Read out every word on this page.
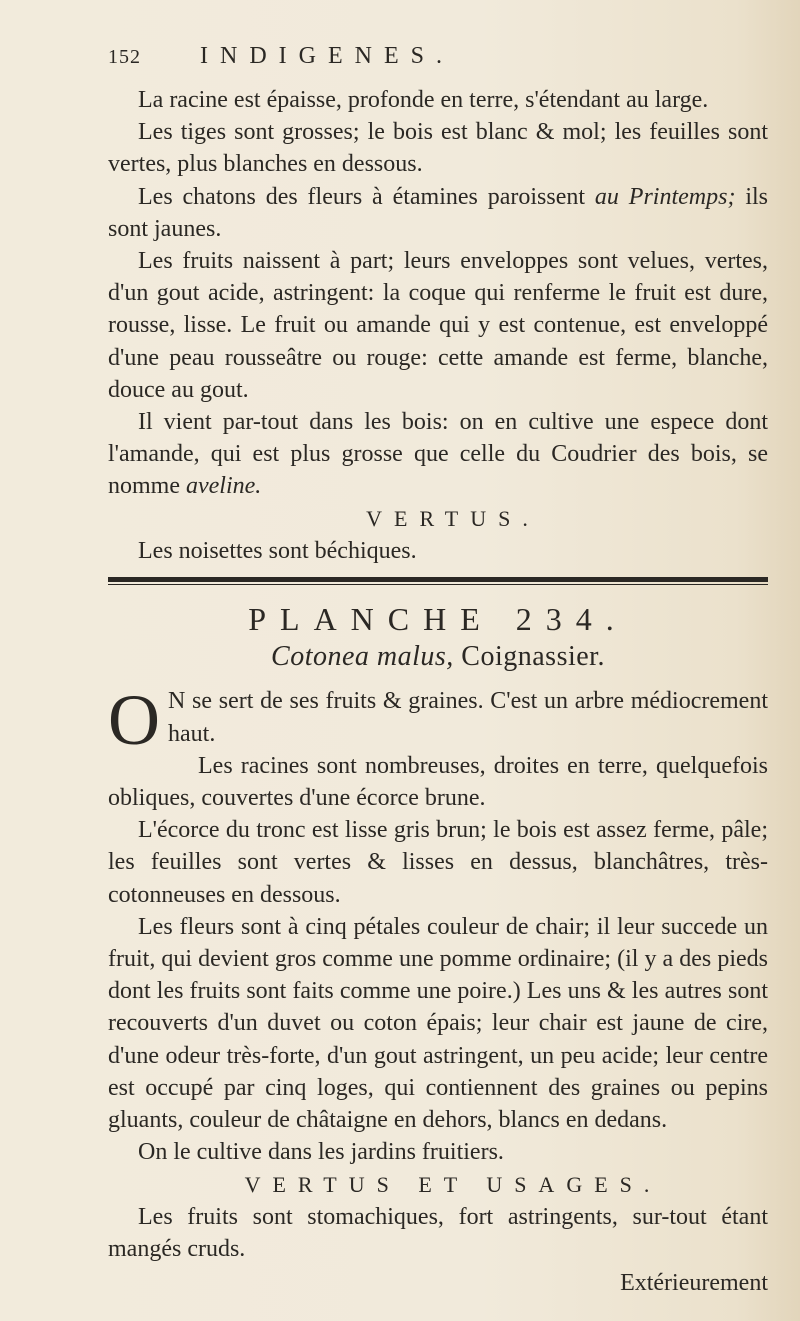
152	INDIGENES.

La racine est épaisse, profonde en terre, s'étendant au large.

Les tiges sont grosses; le bois est blanc & mol; les feuilles sont vertes, plus blanches en dessous.

Les chatons des fleurs à étamines paroissent au Printemps; ils sont jaunes.

Les fruits naissent à part; leurs enveloppes sont velues, vertes, d'un gout acide, astringent: la coque qui renferme le fruit est dure, rousse, lisse. Le fruit ou amande qui y est contenue, est enveloppé d'une peau rousseâtre ou rouge: cette amande est ferme, blanche, douce au gout.

Il vient par-tout dans les bois: on en cultive une espece dont l'amande, qui est plus grosse que celle du Coudrier des bois, se nomme aveline.

VERTUS.

Les noisettes sont béchiques.

PLANCHE 234.
Cotonea malus, Coignassier.

O N se sert de ses fruits & graines. C'est un arbre médiocrement haut.

Les racines sont nombreuses, droites en terre, quelquefois obliques, couvertes d'une écorce brune.

L'écorce du tronc est lisse gris brun; le bois est assez ferme, pâle; les feuilles sont vertes & lisses en dessus, blanchâtres, très-cotonneuses en dessous.

Les fleurs sont à cinq pétales couleur de chair; il leur succede un fruit, qui devient gros comme une pomme ordinaire; (il y a des pieds dont les fruits sont faits comme une poire.) Les uns & les autres sont recouverts d'un duvet ou coton épais; leur chair est jaune de cire, d'une odeur très-forte, d'un gout astringent, un peu acide; leur centre est occupé par cinq loges, qui contiennent des graines ou pepins gluants, couleur de châtaigne en dehors, blancs en dedans.

On le cultive dans les jardins fruitiers.

VERTUS ET USAGES.

Les fruits sont stomachiques, fort astringents, sur-tout étant mangés cruds.

Extérieurement
